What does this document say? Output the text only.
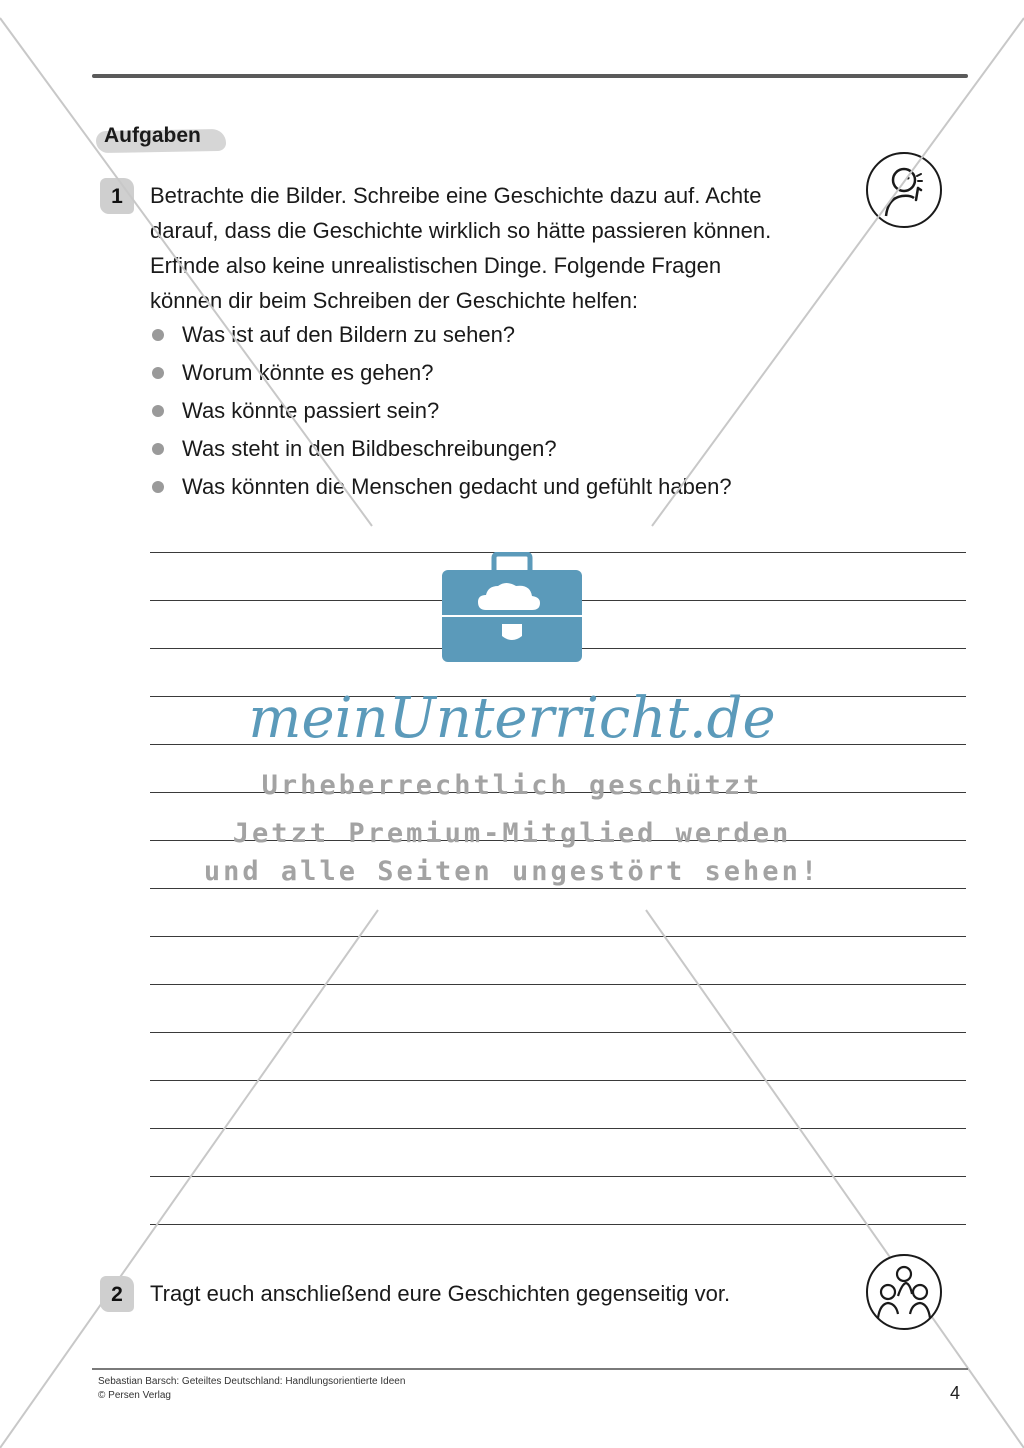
Aufgaben
1	Betrachte die Bilder. Schreibe eine Geschichte dazu auf. Achte
darauf, dass die Geschichte wirklich so hätte passieren können.
Erfinde also keine unrealistischen Dinge. Folgende Fragen
können dir beim Schreiben der Geschichte helfen:
Was ist auf den Bildern zu sehen?
Worum könnte es gehen?
Was könnte passiert sein?
Was steht in den Bildbeschreibungen?
Was könnten die Menschen gedacht und gefühlt haben?
meinUnterricht.de
Urheberrechtlich geschützt
Jetzt Premium-Mitglied werden
und alle Seiten ungestört sehen!
2	Tragt euch anschließend eure Geschichten gegenseitig vor.
Sebastian Barsch: Geteiltes Deutschland: Handlungsorientierte Ideen
© Persen Verlag	4
